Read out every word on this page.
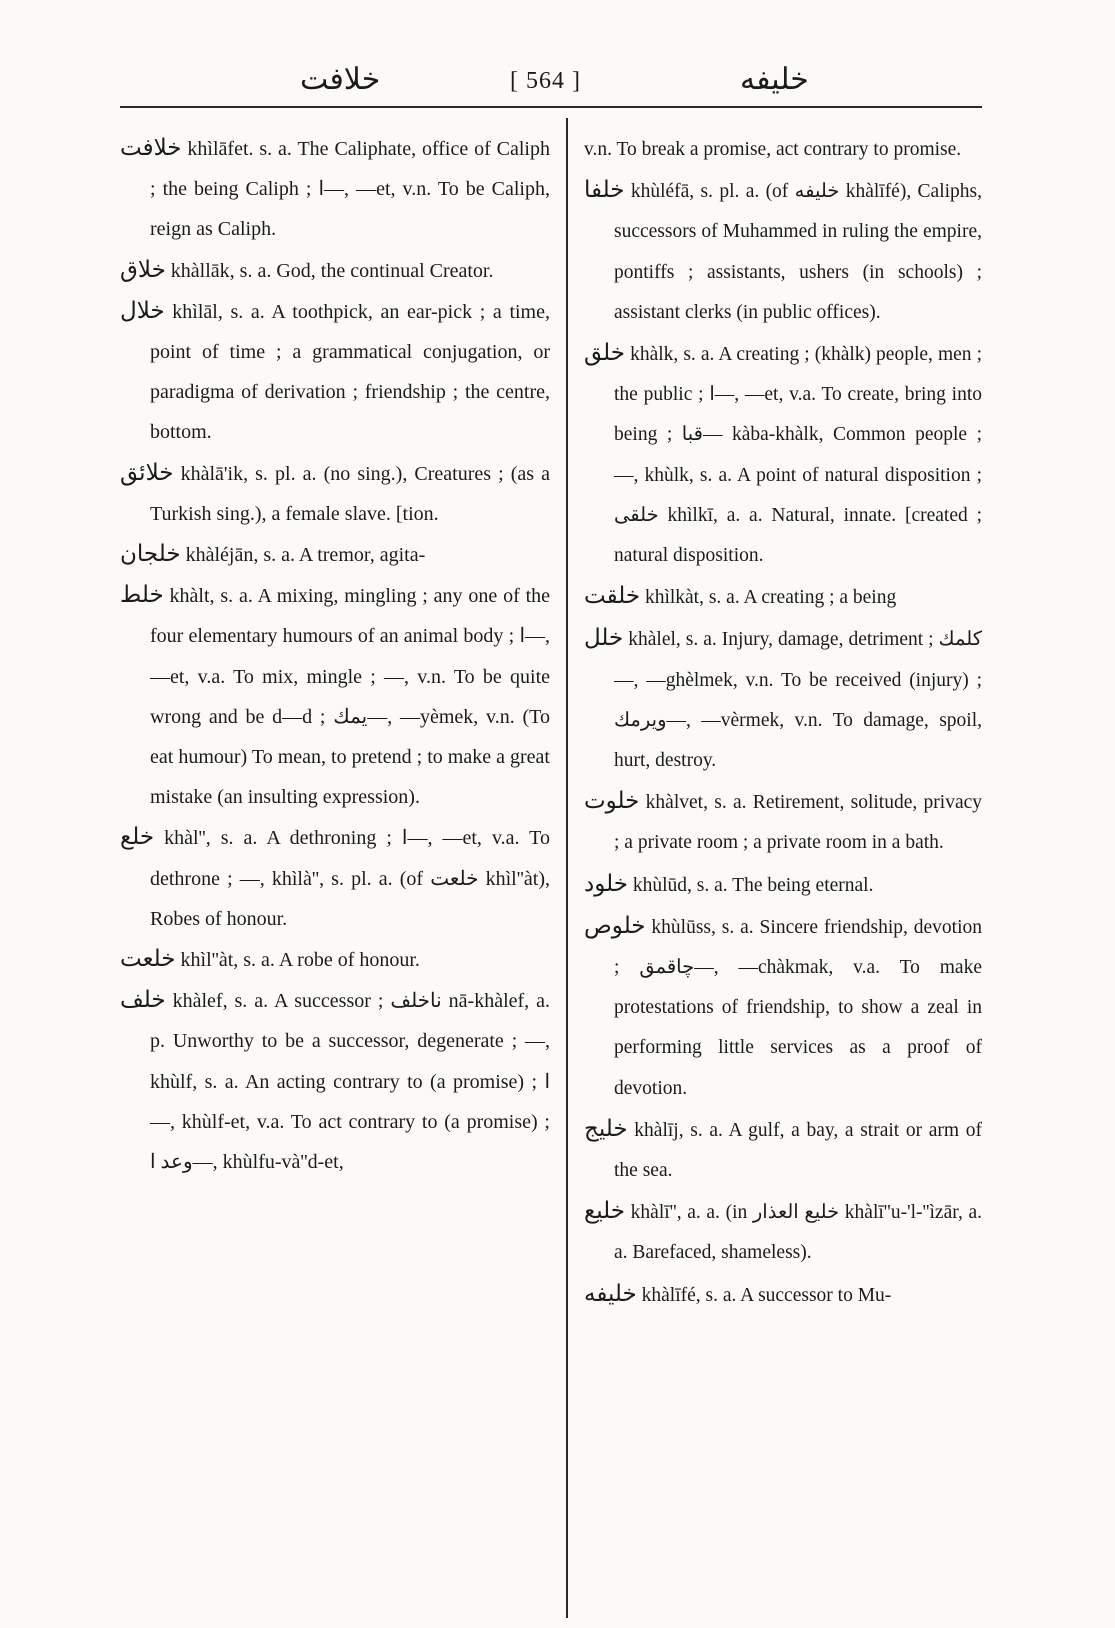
خلافت	[ 564 ]	خليفه

خلافت khìlāfet. s. a. The Caliphate, office of Caliph ; the being Caliph ; ا—, —et, v.n. To be Caliph, reign as Caliph.

خلاق khàllāk, s. a. God, the continual Creator.

خلال khìlāl, s. a. A toothpick, an ear-pick ; a time, point of time ; a grammatical conjugation, or paradigma of derivation ; friendship ; the centre, bottom.

خلائق khàlā'ik, s. pl. a. (no sing.), Creatures ; (as a Turkish sing.), a female slave. [tion.

خلجان khàléjān, s. a. A tremor, agita-

خلط khàlt, s. a. A mixing, mingling ; any one of the four elementary humours of an animal body ; ا—, —et, v.a. To mix, mingle ; —, v.n. To be quite wrong and be d—d ; يمك—, —yèmek, v.n. (To eat humour) To mean, to pretend ; to make a great mistake (an insulting expression).

خلع khàl'', s. a. A dethroning ; ا—, —et, v.a. To dethrone ; —, khìlà'', s. pl. a. (of خلعت khìl''àt), Robes of honour.

خلعت khìl''àt, s. a. A robe of honour.

خلف khàlef, s. a. A successor ; ناخلف nā-khàlef, a. p. Unworthy to be a successor, degenerate ; —, khùlf, s. a. An acting contrary to (a promise) ; ا—, khùlf-et, v.a. To act contrary to (a promise) ; وعد ا—, khùlfu-và''d-et,

v.n. To break a promise, act contrary to promise.

خلفا khùléfā, s. pl. a. (of خليفه khàlīfé), Caliphs, successors of Muhammed in ruling the empire, pontiffs ; assistants, ushers (in schools) ; assistant clerks (in public offices).

خلق khàlk, s. a. A creating ; (khàlk) people, men ; the public ; ا—, —et, v.a. To create, bring into being ; قبا— kàba-khàlk, Common people ; —, khùlk, s. a. A point of natural disposition ; خلقى khìlkī, a. a. Natural, innate. [created ; natural disposition.

خلقت khìlkàt, s. a. A creating ; a being

خلل khàlel, s. a. Injury, damage, detriment ; كلمك—, —ghèlmek, v.n. To be received (injury) ; ويرمك—, —vèrmek, v.n. To damage, spoil, hurt, destroy.

خلوت khàlvet, s. a. Retirement, solitude, privacy ; a private room ; a private room in a bath.

خلود khùlūd, s. a. The being eternal.

خلوص khùlūss, s. a. Sincere friendship, devotion ; چاقمق—, —chàkmak, v.a. To make protestations of friendship, to show a zeal in performing little services as a proof of devotion.

خليج khàlīj, s. a. A gulf, a bay, a strait or arm of the sea.

خليع khàlī'', a. a. (in خليع العذار khàlī''u-'l-''ìzār, a. a. Barefaced, shameless).

خليفه khàlīfé, s. a. A successor to Mu-
